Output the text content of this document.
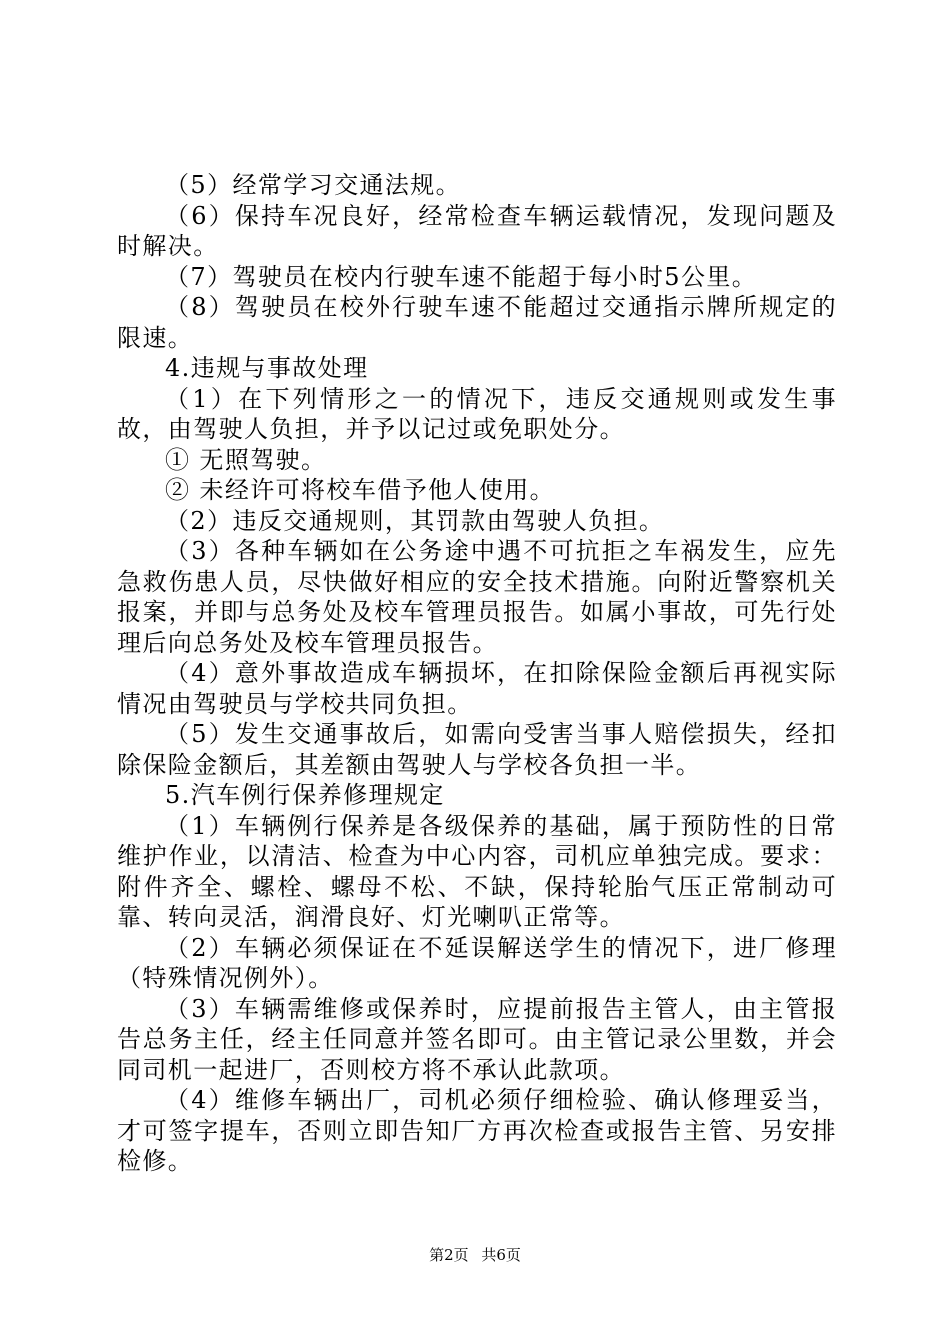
（5）经常学习交通法规。

（6）保持车况良好，经常检查车辆运载情况，发现问题及时解决。

（7）驾驶员在校内行驶车速不能超于每小时5公里。

（8）驾驶员在校外行驶车速不能超过交通指示牌所规定的限速。

4.违规与事故处理

（1）在下列情形之一的情况下，违反交通规则或发生事故，由驾驶人负担，并予以记过或免职处分。

① 无照驾驶。

② 未经许可将校车借予他人使用。

（2）违反交通规则，其罚款由驾驶人负担。

（3）各种车辆如在公务途中遇不可抗拒之车祸发生，应先急救伤患人员，尽快做好相应的安全技术措施。向附近警察机关报案，并即与总务处及校车管理员报告。如属小事故，可先行处理后向总务处及校车管理员报告。

（4）意外事故造成车辆损坏，在扣除保险金额后再视实际情况由驾驶员与学校共同负担。

（5）发生交通事故后，如需向受害当事人赔偿损失，经扣除保险金额后，其差额由驾驶人与学校各负担一半。

5.汽车例行保养修理规定

（1）车辆例行保养是各级保养的基础，属于预防性的日常维护作业，以清洁、检查为中心内容，司机应单独完成。要求：附件齐全、螺栓、螺母不松、不缺，保持轮胎气压正常制动可靠、转向灵活，润滑良好、灯光喇叭正常等。

（2）车辆必须保证在不延误解送学生的情况下，进厂修理（特殊情况例外）。

（3）车辆需维修或保养时，应提前报告主管人，由主管报告总务主任，经主任同意并签名即可。由主管记录公里数，并会同司机一起进厂，否则校方将不承认此款项。

（4）维修车辆出厂，司机必须仔细检验、确认修理妥当，才可签字提车，否则立即告知厂方再次检查或报告主管、另安排检修。

第2页 共6页
